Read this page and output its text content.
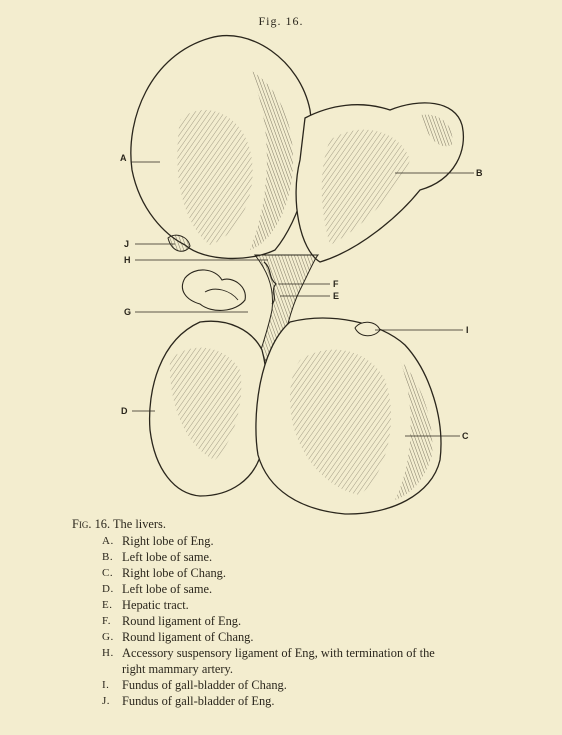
Fig. 16.
A
B
J
H
F
E
G
I
D
C
Fig. 16. The livers.
A. Right lobe of Eng.
B. Left lobe of same.
C. Right lobe of Chang.
D. Left lobe of same.
E. Hepatic tract.
F. Round ligament of Eng.
G. Round ligament of Chang.
H. Accessory suspensory ligament of Eng, with termination of the
right mammary artery.
I. Fundus of gall-bladder of Chang.
J. Fundus of gall-bladder of Eng.
